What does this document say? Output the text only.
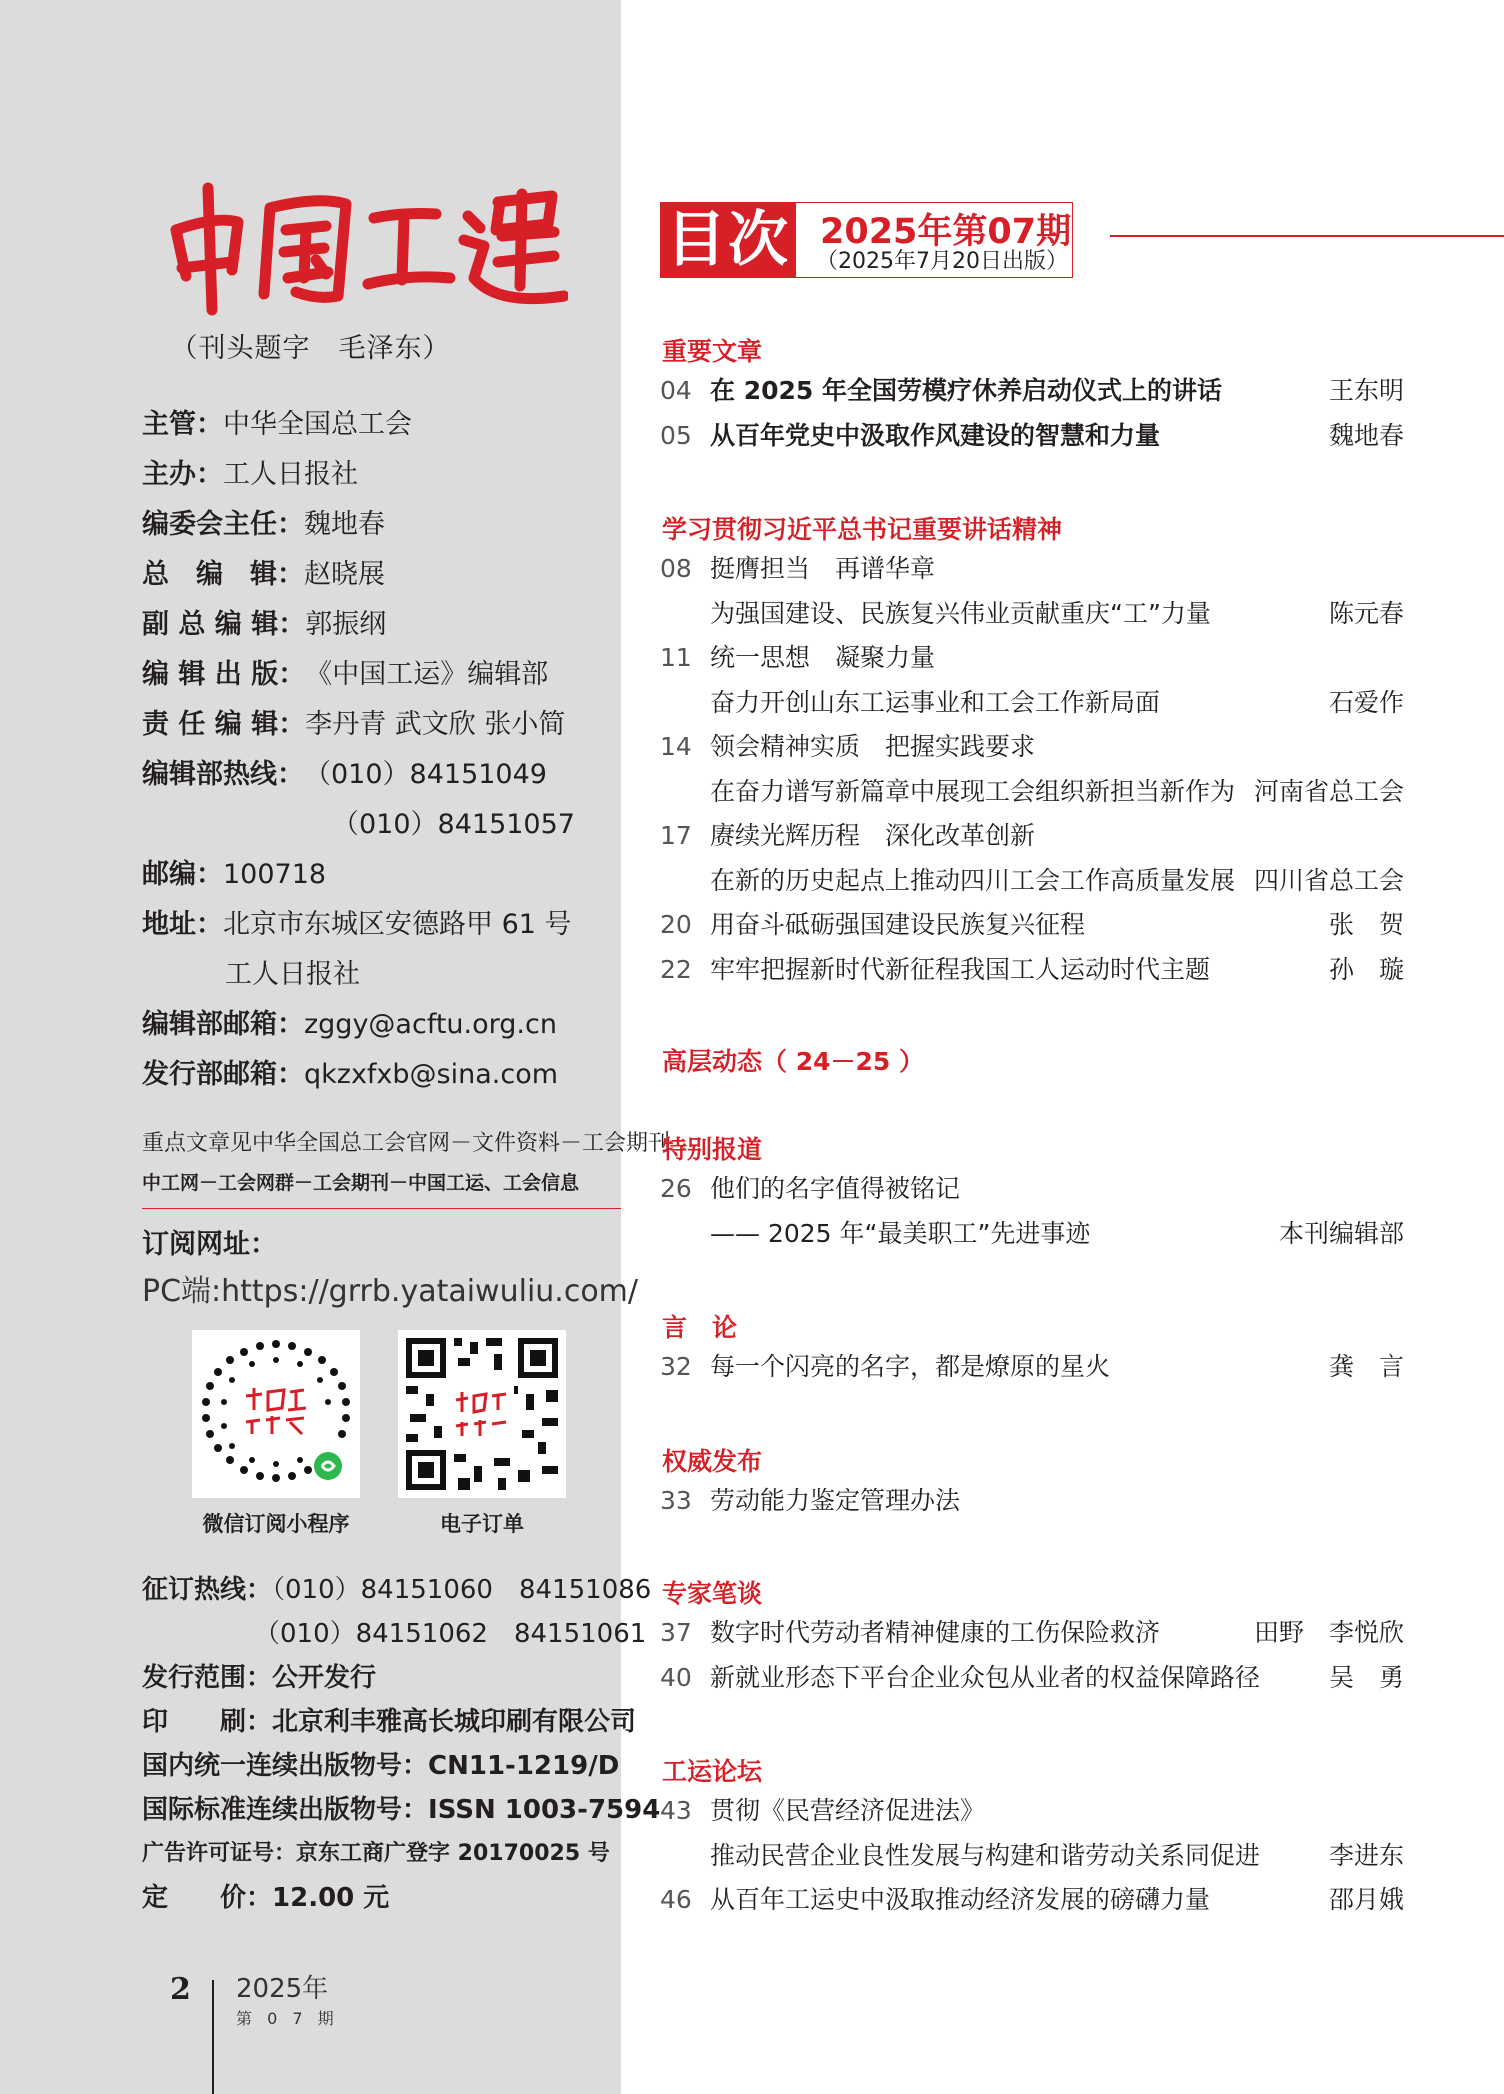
（刊头题字　毛泽东）
主管：中华全国总工会
主办：工人日报社
编委会主任：魏地春
总　编　辑：赵晓展
副 总 编 辑：郭振纲
编 辑 出 版：《中国工运》编辑部
责 任 编 辑：李丹青 武文欣 张小简
编辑部热线：（010）84151049
（010）84151057
邮编：100718
地址：北京市东城区安德路甲 61 号
工人日报社
编辑部邮箱：zggy@acftu.org.cn
发行部邮箱：qkzxfxb@sina.com
重点文章见中华全国总工会官网－文件资料－工会期刊
中工网－工会网群－工会期刊－中国工运、工会信息
订阅网址：
PC端:https://grrb.yataiwuliu.com/
微信订阅小程序	电子订单
征订热线：（010）84151060　84151086
（010）84151062　84151061
发行范围：公开发行
印　　刷：北京利丰雅高长城印刷有限公司
国内统一连续出版物号：CN11-1219/D
国际标准连续出版物号：ISSN 1003-7594
广告许可证号：京东工商广登字 20170025 号
定　　价：12.00 元
2 2025年
第 0 7 期
目次 2025年第07期
（2025年7月20日出版）
重要文章
04 在 2025 年全国劳模疗休养启动仪式上的讲话	王东明
05 从百年党史中汲取作风建设的智慧和力量	魏地春
学习贯彻习近平总书记重要讲话精神
08 挺膺担当　再谱华章
为强国建设、民族复兴伟业贡献重庆“工”力量	陈元春
11 统一思想　凝聚力量
奋力开创山东工运事业和工会工作新局面	石爱作
14 领会精神实质　把握实践要求
在奋力谱写新篇章中展现工会组织新担当新作为 河南省总工会
17 赓续光辉历程　深化改革创新
在新的历史起点上推动四川工会工作高质量发展 四川省总工会
20 用奋斗砥砺强国建设民族复兴征程	张　贺
22 牢牢把握新时代新征程我国工人运动时代主题	孙　璇
高层动态（ 24－25 ）
特别报道
26 他们的名字值得被铭记
—— 2025 年“最美职工”先进事迹	本刊编辑部
言　论
32 每一个闪亮的名字，都是燎原的星火	龚　言
权威发布
33 劳动能力鉴定管理办法
专家笔谈
37 数字时代劳动者精神健康的工伤保险救济	田野　李悦欣
40 新就业形态下平台企业众包从业者的权益保障路径	吴　勇
工运论坛
43 贯彻《民营经济促进法》
推动民营企业良性发展与构建和谐劳动关系同促进	李进东
46 从百年工运史中汲取推动经济发展的磅礴力量	邵月娥
